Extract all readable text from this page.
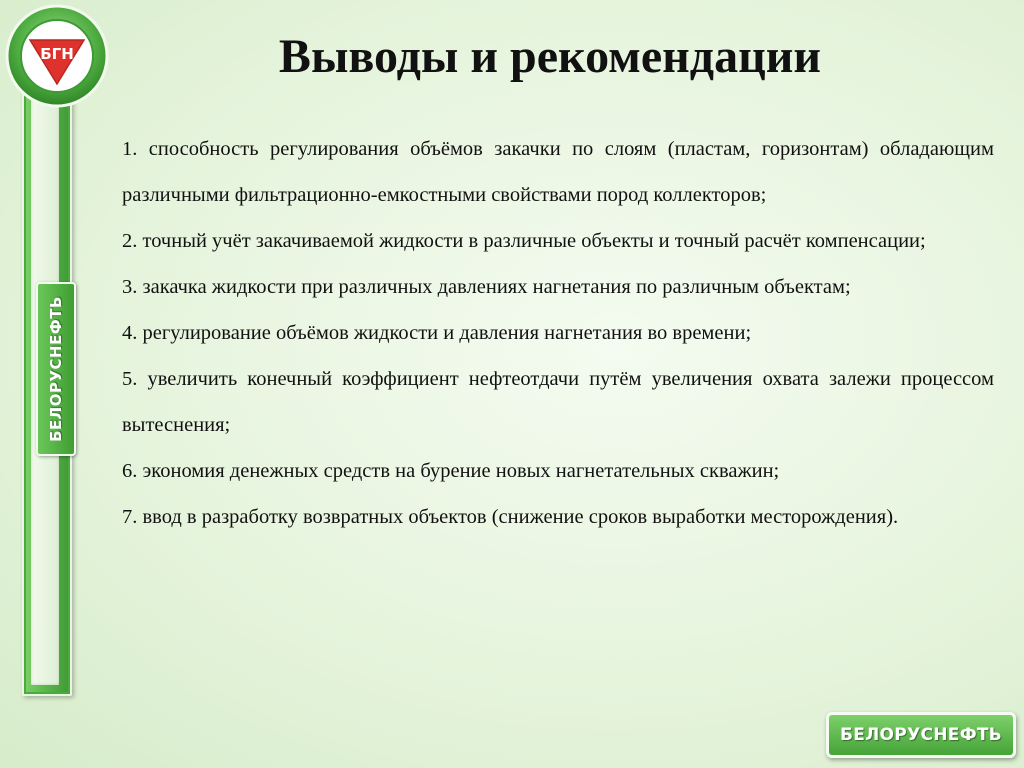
БГН
БЕЛОРУСНЕФТЬ
Выводы и рекомендации
1. способность регулирования объёмов закачки по слоям (пластам, горизонтам) обладающим различными фильтрационно-емкостными свойствами пород коллекторов;
2. точный учёт закачиваемой жидкости в различные объекты и точный расчёт компенсации;
3. закачка жидкости при различных давлениях нагнетания по различным объектам;
4. регулирование объёмов жидкости и давления нагнетания во времени;
5. увеличить конечный коэффициент нефтеотдачи путём увеличения охвата залежи процессом вытеснения;
6. экономия денежных средств на бурение новых нагнетательных скважин;
7. ввод в разработку возвратных объектов (снижение сроков выработки месторождения).
БЕЛОРУСНЕФТЬ
